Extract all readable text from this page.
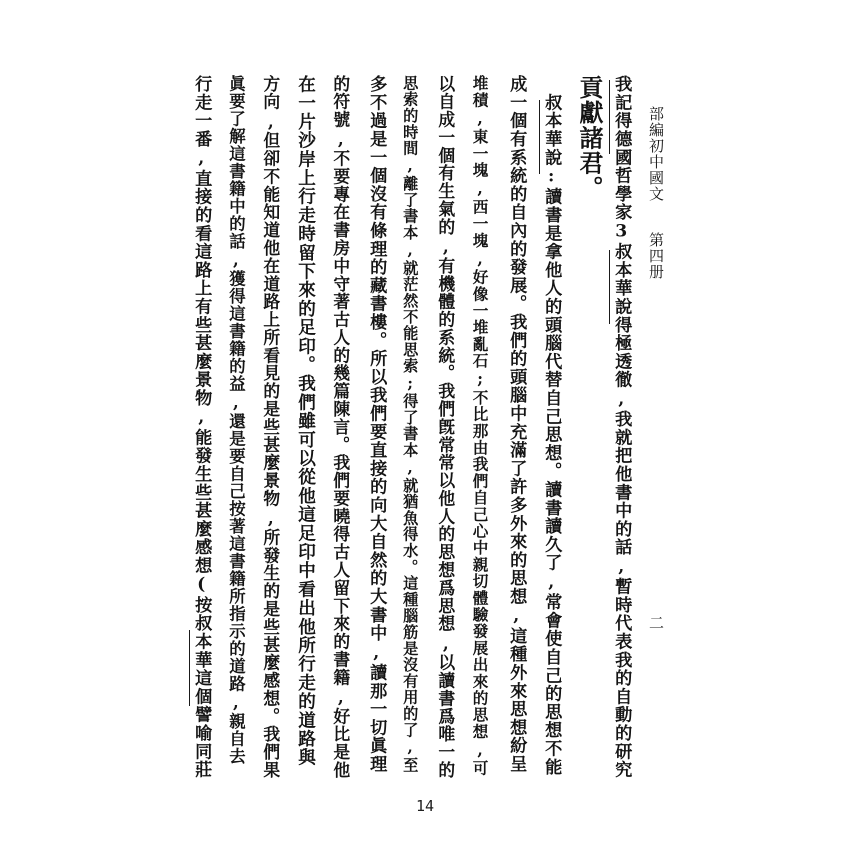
部編初中國文第四册
二
我記得德國哲學家3叔本華說得極透徹,我就把他書中的話,暫時代表我的自動的研究
貢獻諸君。
　叔本華說:讀書是拿他人的頭腦代替自己思想。讀書讀久了,常會使自己的思想不能
成一個有系統的自內的發展。我們的頭腦中充滿了許多外來的思想,這種外來思想紛呈
堆積,東一塊,西一塊,好像一堆亂石;不比那由我們自己心中親切體驗發展出來的思想,可
以自成一個有生氣的,有機體的系統。我們旣常常以他人的思想爲思想,以讀書爲唯一的
思索的時間,離了書本,就茫然不能思索;得了書本,就猶魚得水。這種腦筋是沒有用的了,至
多不過是一個沒有條理的藏書樓。所以我們要直接的向大自然的大書中,讀那一切眞理
的符號,不要專在書房中守著古人的幾篇陳言。我們要曉得古人留下來的書籍,好比是他
在一片沙岸上行走時留下來的足印。我們雖可以從他這足印中看出他所行走的道路與
方向,但卻不能知道他在道路上所看見的是些甚麼景物,所發生的是些甚麼感想。我們果
眞要了解這書籍中的話,獲得這書籍的益,還是要自己按著這書籍所指示的道路,親自去
行走一番,直接的看這路上有些甚麼景物,能發生些甚麼感想(按叔本華這個譬喻同莊
14
